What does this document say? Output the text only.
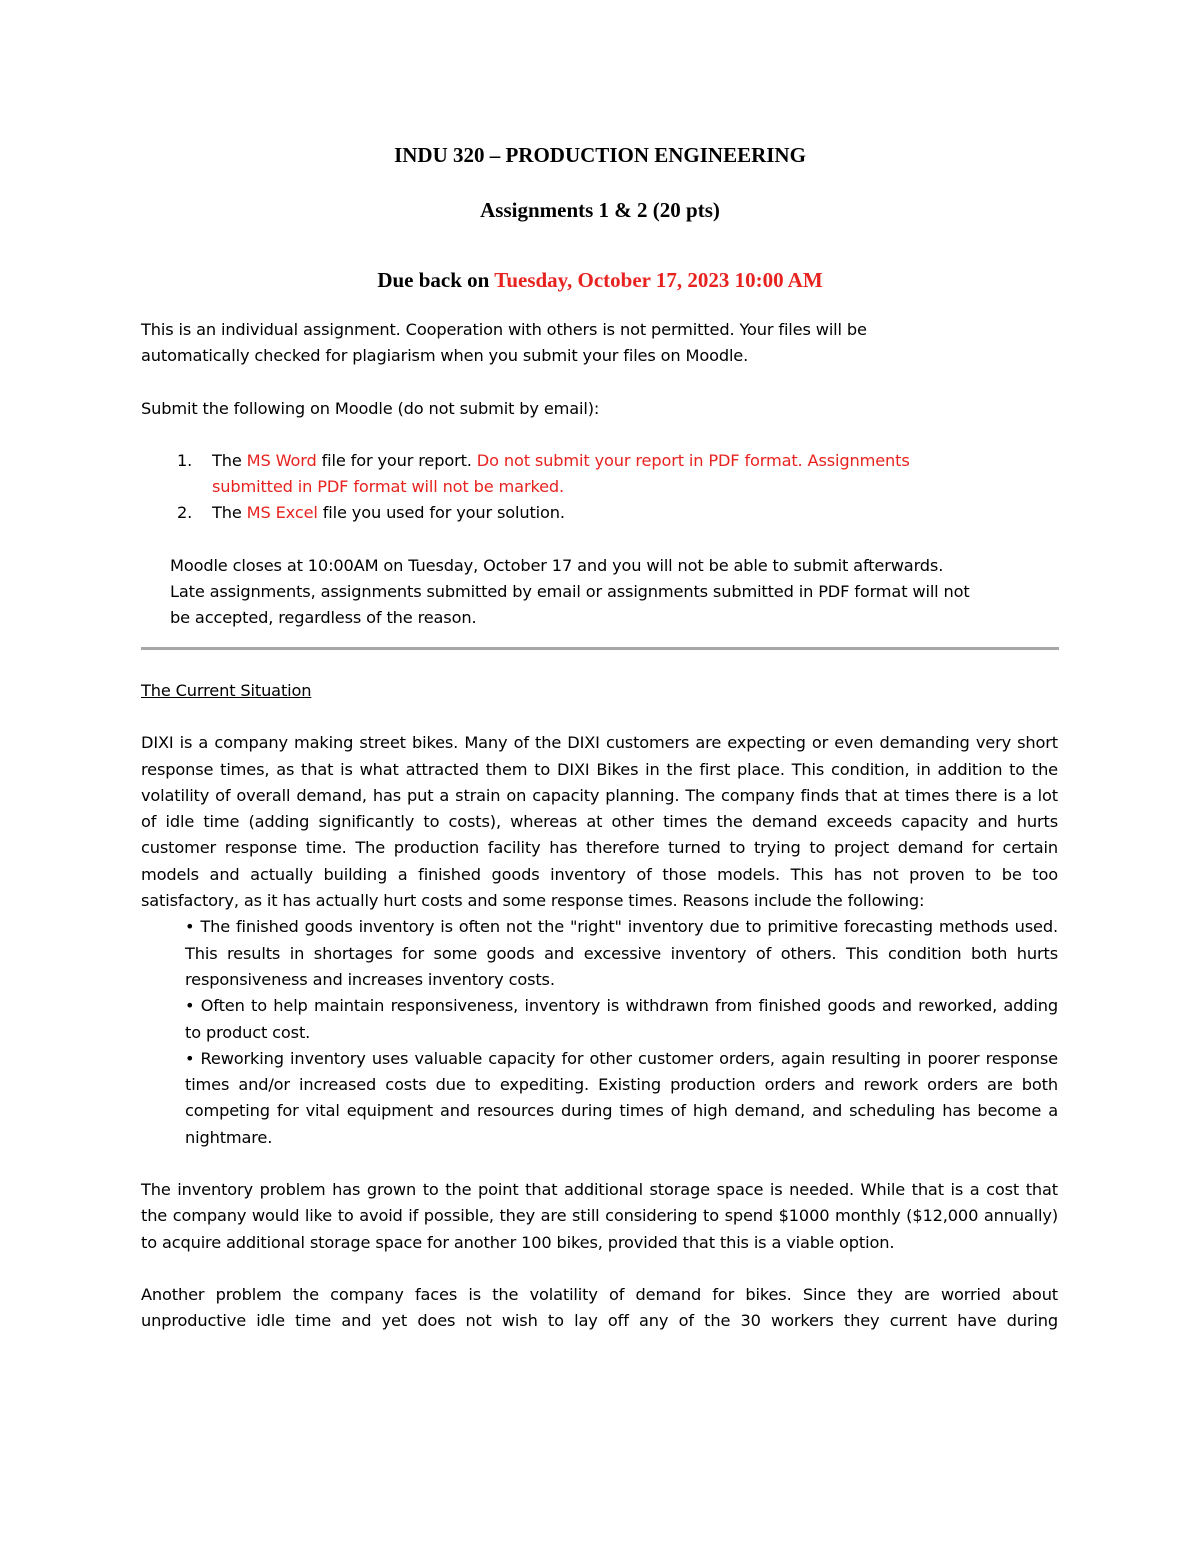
INDU 320 – PRODUCTION ENGINEERING
Assignments 1 & 2 (20 pts)
Due back on Tuesday, October 17, 2023 10:00 AM

This is an individual assignment. Cooperation with others is not permitted. Your files will be

automatically checked for plagiarism when you submit your files on Moodle.

Submit the following on Moodle (do not submit by email):

1. The MS Word file for your report. Do not submit your report in PDF format. Assignments
submitted in PDF format will not be marked.
2. The MS Excel file you used for your solution.

Moodle closes at 10:00AM on Tuesday, October 17 and you will not be able to submit afterwards.

Late assignments, assignments submitted by email or assignments submitted in PDF format will not

be accepted, regardless of the reason.

The Current Situation

DIXI is a company making street bikes. Many of the DIXI customers are expecting or even demanding very short response times, as that is what attracted them to DIXI Bikes in the first place. This condition, in addition to the volatility of overall demand, has put a strain on capacity planning. The company finds that at times there is a lot of idle time (adding significantly to costs), whereas at other times the demand exceeds capacity and hurts customer response time. The production facility has therefore turned to trying to project demand for certain models and actually building a finished goods inventory of those models. This has not proven to be too satisfactory, as it has actually hurt costs and some response times. Reasons include the following:

• The finished goods inventory is often not the "right" inventory due to primitive forecasting methods used. This results in shortages for some goods and excessive inventory of others. This condition both hurts responsiveness and increases inventory costs.

• Often to help maintain responsiveness, inventory is withdrawn from finished goods and reworked, adding to product cost.

• Reworking inventory uses valuable capacity for other customer orders, again resulting in poorer response times and/or increased costs due to expediting. Existing production orders and rework orders are both competing for vital equipment and resources during times of high demand, and scheduling has become a nightmare.

The inventory problem has grown to the point that additional storage space is needed. While that is a cost that the company would like to avoid if possible, they are still considering to spend $1000 monthly ($12,000 annually) to acquire additional storage space for another 100 bikes, provided that this is a viable option.

Another problem the company faces is the volatility of demand for bikes. Since they are worried about unproductive idle time and yet does not wish to lay off any of the 30 workers they current have during
